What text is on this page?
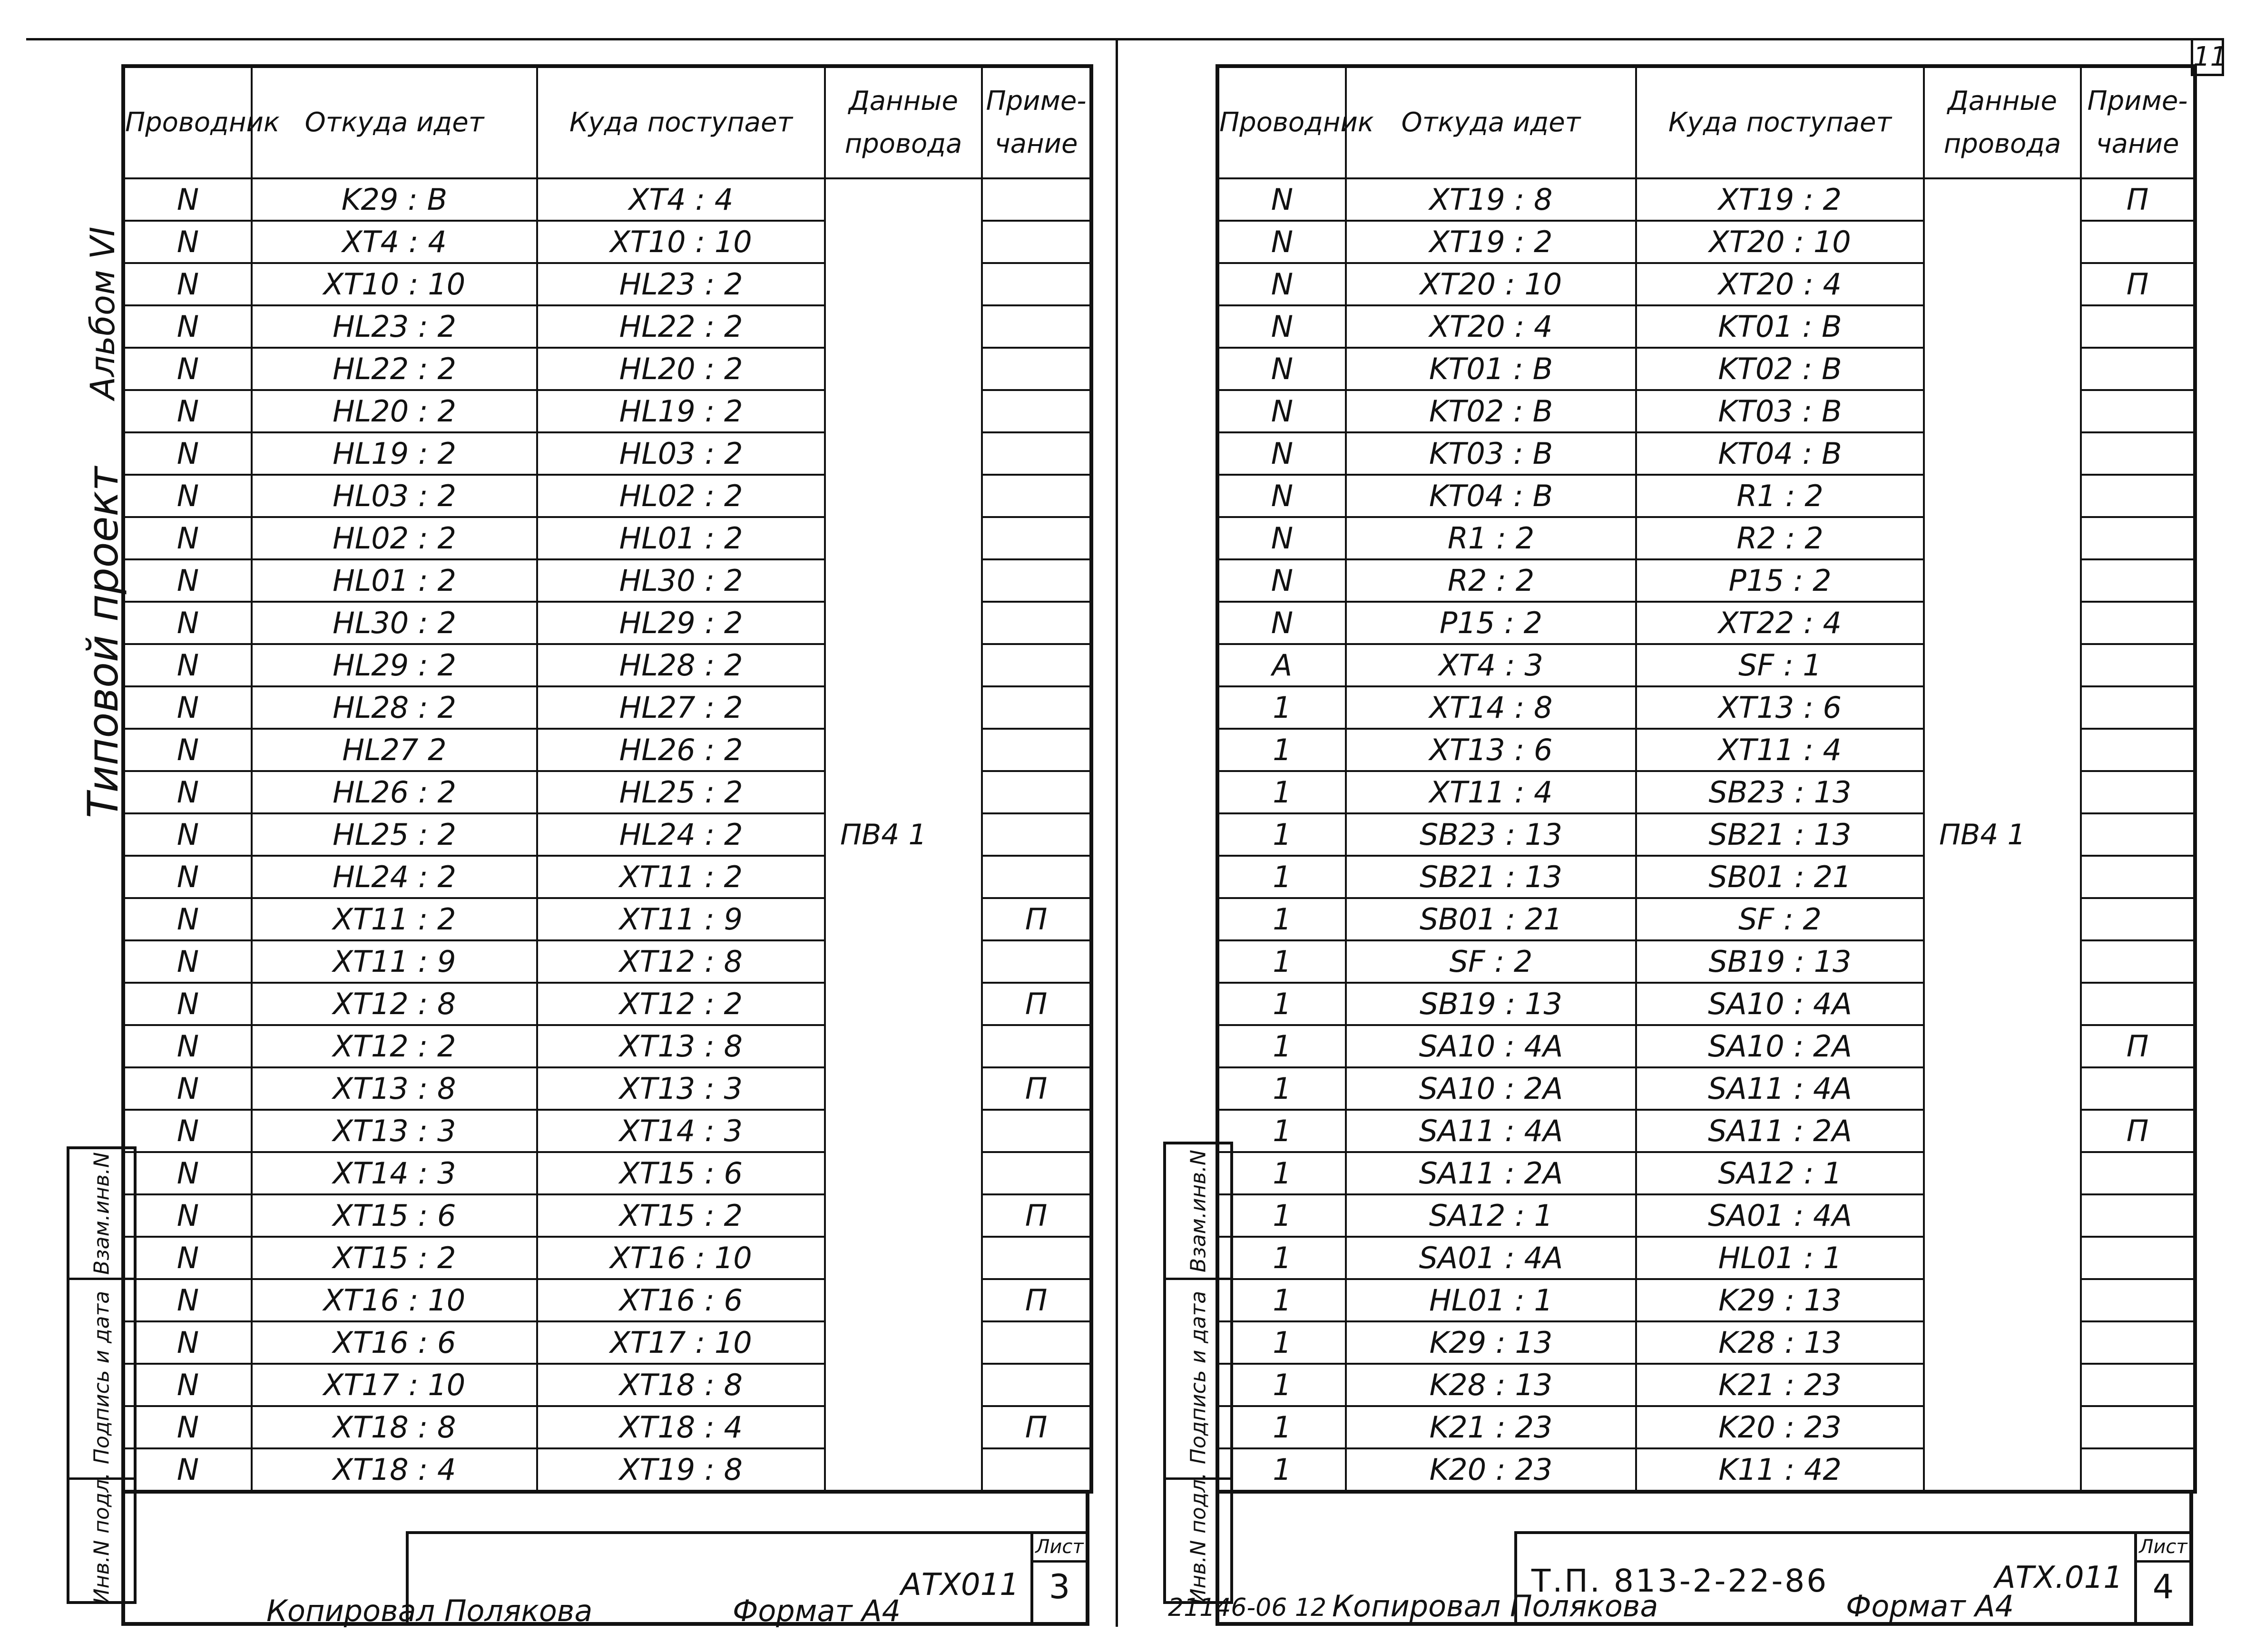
Альбом VI
Типовой проект
Взам.инв.N
Подпись и дата
Инв.N подл.
Проводник	Откуда идет	Куда поступает	Данные провода	Приме- чание
N	K29 : B	XT4 : 4		
N	XT4 : 4	XT10 : 10		
N	XT10 : 10	HL23 : 2		
N	HL23 : 2	HL22 : 2		
N	HL22 : 2	HL20 : 2		
N	HL20 : 2	HL19 : 2		
N	HL19 : 2	HL03 : 2		
N	HL03 : 2	HL02 : 2		
N	HL02 : 2	HL01 : 2		
N	HL01 : 2	HL30 : 2		
N	HL30 : 2	HL29 : 2		
N	HL29 : 2	HL28 : 2		
N	HL28 : 2	HL27 : 2		
N	HL27 2	HL26 : 2		
N	HL26 : 2	HL25 : 2		
N	HL25 : 2	HL24 : 2	ПВ4 1	
N	HL24 : 2	XT11 : 2		
N	XT11 : 2	XT11 : 9		П
N	XT11 : 9	XT12 : 8		
N	XT12 : 8	XT12 : 2		П
N	XT12 : 2	XT13 : 8		
N	XT13 : 8	XT13 : 3		П
N	XT13 : 3	XT14 : 3		
N	XT14 : 3	XT15 : 6		
N	XT15 : 6	XT15 : 2		П
N	XT15 : 2	XT16 : 10		
N	XT16 : 10	XT16 : 6		П
N	XT16 : 6	XT17 : 10		
N	XT17 : 10	XT18 : 8		
N	XT18 : 8	XT18 : 4		П
N	XT18 : 4	XT19 : 8		
АТХ011
Лист
3
Копировал Полякова	Формат А4
Взам.инв.N
Подпись и дата
Инв.N подл.
11
Проводник	Откуда идет	Куда поступает	Данные провода	Приме- чание
N	XT19 : 8	XT19 : 2		П
N	XT19 : 2	XT20 : 10		
N	XT20 : 10	XT20 : 4		П
N	XT20 : 4	KT01 : B		
N	KT01 : B	KT02 : B		
N	KT02 : B	KT03 : B		
N	KT03 : B	KT04 : B		
N	KT04 : B	R1 : 2		
N	R1 : 2	R2 : 2		
N	R2 : 2	P15 : 2		
N	P15 : 2	XT22 : 4		
A	XT4 : 3	SF : 1		
1	XT14 : 8	XT13 : 6		
1	XT13 : 6	XT11 : 4		
1	XT11 : 4	SB23 : 13		
1	SB23 : 13	SB21 : 13	ПВ4 1	
1	SB21 : 13	SB01 : 21		
1	SB01 : 21	SF : 2		
1	SF : 2	SB19 : 13		
1	SB19 : 13	SA10 : 4A		
1	SA10 : 4A	SA10 : 2A		П
1	SA10 : 2A	SA11 : 4A		
1	SA11 : 4A	SA11 : 2A		П
1	SA11 : 2A	SA12 : 1		
1	SA12 : 1	SA01 : 4A		
1	SA01 : 4A	HL01 : 1		
1	HL01 : 1	K29 : 13		
1	K29 : 13	K28 : 13		
1	K28 : 13	K21 : 23		
1	K21 : 23	K20 : 23		
1	K20 : 23	K11 : 42		
Т.П. 813-2-22-86	АТХ.011
Лист
4
21146-06 12 Копировал Полякова	Формат А4
